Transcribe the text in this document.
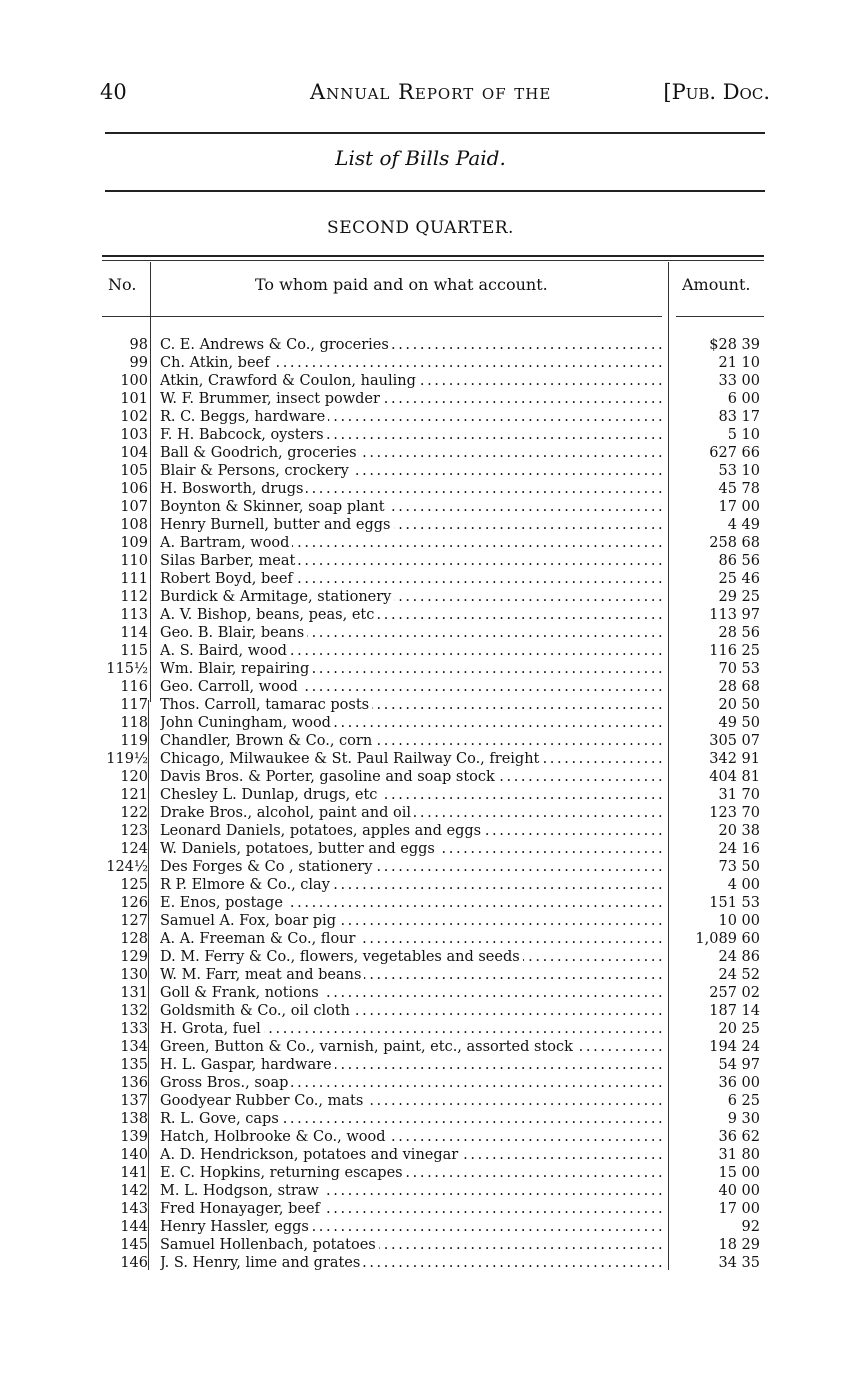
40	Annual Report of the	[Pub. Doc.
List of Bills Paid.
SECOND QUARTER.
No.	To whom paid and on what account.	Amount.
98 C. E. Andrews & Co., groceries . . .	$28 39
99 Ch. Atkin, beef . . .	21 10
100 Atkin, Crawford & Coulon, hauling . . .	33 00
101 W. F. Brummer, insect powder . . .	6 00
102 R. C. Beggs, hardware . . .	83 17
103 F. H. Babcock, oysters . . .	5 10
104 Ball & Goodrich, groceries . . .	627 66
105 Blair & Persons, crockery . . .	53 10
106 H. Bosworth, drugs . . .	45 78
107 Boynton & Skinner, soap plant . . .	17 00
108 Henry Burnell, butter and eggs . . .	4 49
109 A. Bartram, wood . . .	258 68
110 Silas Barber, meat . . .	86 56
111 Robert Boyd, beef . . .	25 46
112 Burdick & Armitage, stationery . . .	29 25
113 A. V. Bishop, beans, peas, etc . . .	113 97
114 Geo. B. Blair, beans . . .	28 56
115 A. S. Baird, wood . . .	116 25
115½ Wm. Blair, repairing . . .	70 53
116 Geo. Carroll, wood . . .	28 68
117 Thos. Carroll, tamarac posts . . .	20 50
118 John Cuningham, wood . . .	49 50
119 Chandler, Brown & Co., corn . . .	305 07
119½ Chicago, Milwaukee & St. Paul Railway Co., freight . . .	342 91
120 Davis Bros. & Porter, gasoline and soap stock . . .	404 81
121 Chesley L. Dunlap, drugs, etc . . .	31 70
122 Drake Bros., alcohol, paint and oil . . .	123 70
123 Leonard Daniels, potatoes, apples and eggs . . .	20 38
124 W. Daniels, potatoes, butter and eggs . . .	24 16
124½ Des Forges & Co , stationery . . .	73 50
125 R P. Elmore & Co., clay . . .	4 00
126 E. Enos, postage . . .	151 53
127 Samuel A. Fox, boar pig . . .	10 00
128 A. A. Freeman & Co., flour . . .	1,089 60
129 D. M. Ferry & Co., flowers, vegetables and seeds . . .	24 86
130 W. M. Farr, meat and beans . . .	24 52
131 Goll & Frank, notions . . .	257 02
132 Goldsmith & Co., oil cloth . . .	187 14
133 H. Grota, fuel . . .	20 25
134 Green, Button & Co., varnish, paint, etc., assorted stock . . .	194 24
135 H. L. Gaspar, hardware . . .	54 97
136 Gross Bros., soap . . .	36 00
137 Goodyear Rubber Co., mats . . .	6 25
138 R. L. Gove, caps . . .	9 30
139 Hatch, Holbrooke & Co., wood . . .	36 62
140 A. D. Hendrickson, potatoes and vinegar . . .	31 80
141 E. C. Hopkins, returning escapes . . .	15 00
142 M. L. Hodgson, straw . . .	40 00
143 Fred Honayager, beef . . .	17 00
144 Henry Hassler, eggs . . .	92
145 Samuel Hollenbach, potatoes . . .	18 29
146 J. S. Henry, lime and grates . . .	34 35
